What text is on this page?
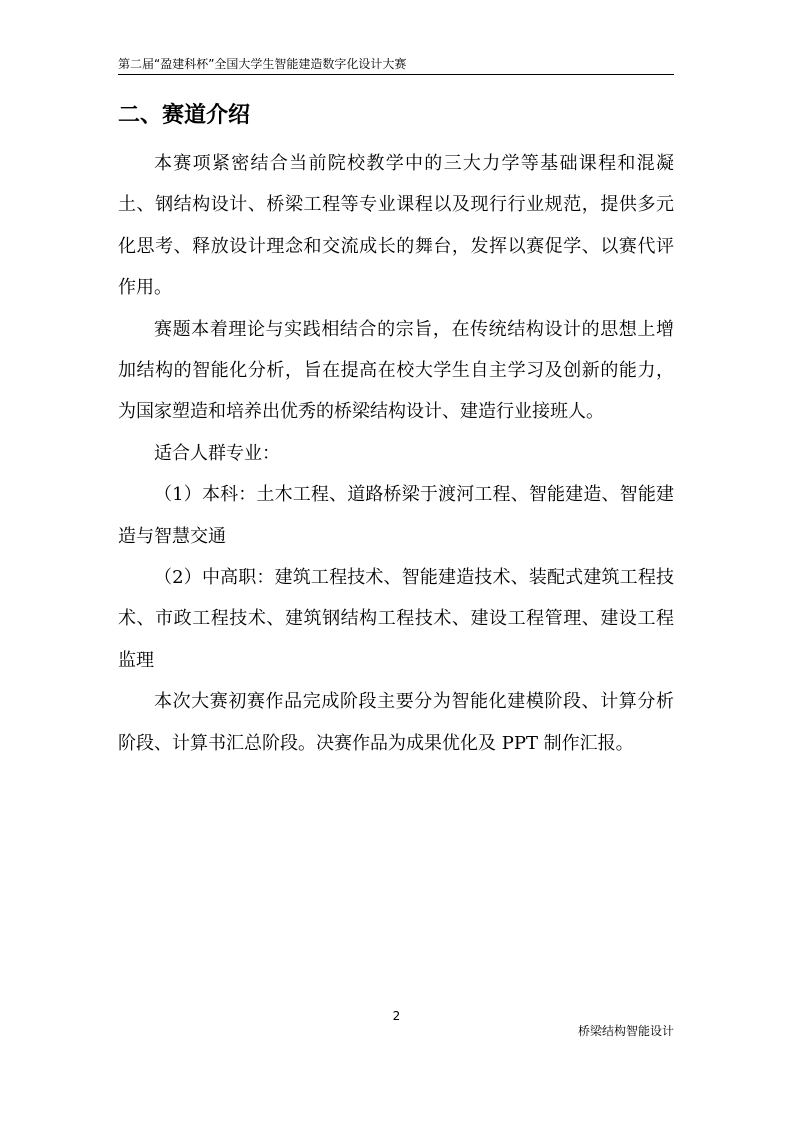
第二届“盈建科杯”全国大学生智能建造数字化设计大赛
二、赛道介绍

本赛项紧密结合当前院校教学中的三大力学等基础课程和混凝土、钢结构设计、桥梁工程等专业课程以及现行行业规范，提供多元化思考、释放设计理念和交流成长的舞台，发挥以赛促学、以赛代评作用。

赛题本着理论与实践相结合的宗旨，在传统结构设计的思想上增加结构的智能化分析，旨在提高在校大学生自主学习及创新的能力，为国家塑造和培养出优秀的桥梁结构设计、建造行业接班人。

适合人群专业：

（1）本科：土木工程、道路桥梁于渡河工程、智能建造、智能建造与智慧交通

（2）中高职：建筑工程技术、智能建造技术、装配式建筑工程技术、市政工程技术、建筑钢结构工程技术、建设工程管理、建设工程监理

本次大赛初赛作品完成阶段主要分为智能化建模阶段、计算分析阶段、计算书汇总阶段。决赛作品为成果优化及 PPT 制作汇报。

2
桥梁结构智能设计
